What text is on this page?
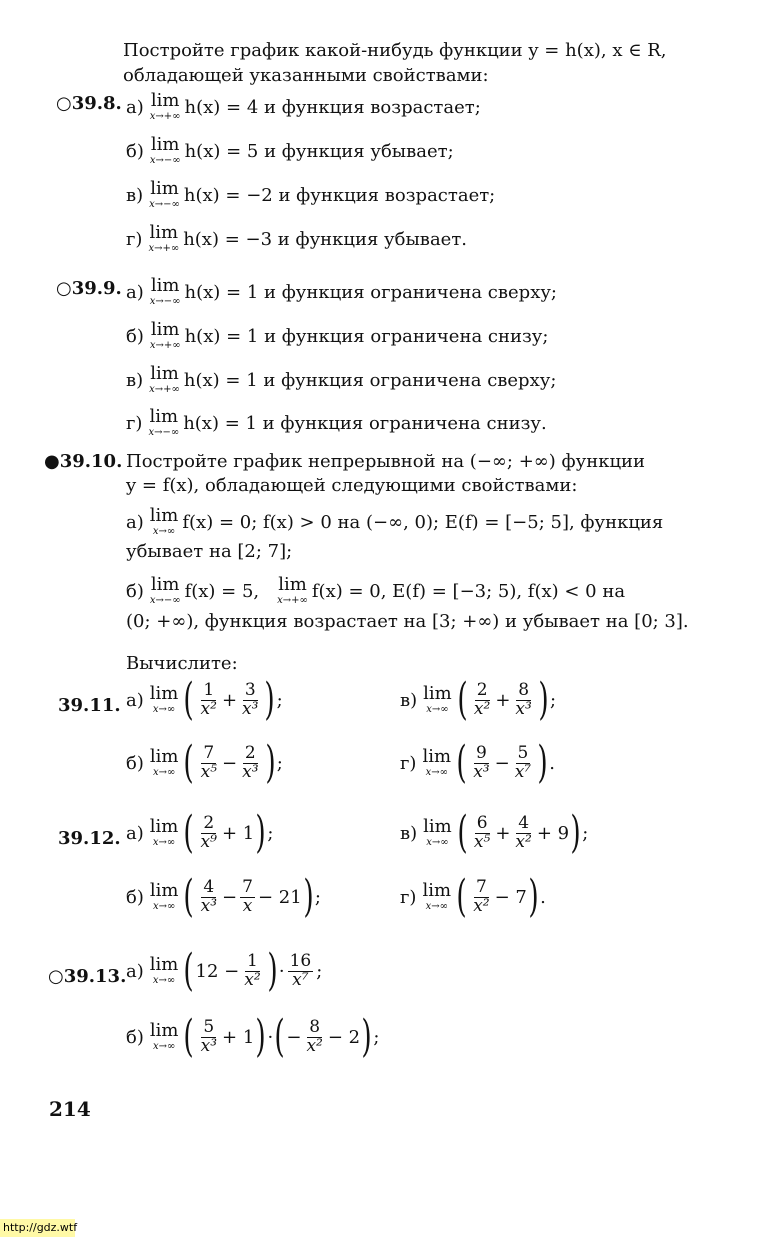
Постройте график какой-нибудь функции y = h(x), x ∈ R,
обладающей указанными свойствами:
○39.8. а) lim
x→+∞ h(x) = 4 и функция возрастает;
б) lim
x→−∞ h(x) = 5 и функция убывает;
в) lim
x→−∞ h(x) = −2 и функция возрастает;
г) lim
x→+∞ h(x) = −3 и функция убывает.
○39.9. а) lim
x→−∞ h(x) = 1 и функция ограничена сверху;
б) lim
x→+∞ h(x) = 1 и функция ограничена снизу;
в) lim
x→+∞ h(x) = 1 и функция ограничена сверху;
г) lim
x→−∞ h(x) = 1 и функция ограничена снизу.
●39.10. Постройте график непрерывной на (−∞; +∞) функции
y = f(x), обладающей следующими свойствами:
а) lim
x→∞ f(x) = 0; f(x) > 0 на (−∞, 0); E(f) = [−5; 5], функция
убывает на [2; 7];
б) lim
x→−∞ f(x) = 5, lim
x→+∞ f(x) = 0, E(f) = [−3; 5), f(x) < 0 на
(0; +∞), функция возрастает на [3; +∞) и убывает на [0; 3].
Вычислите:
39.11. а) lim
x→∞ ( $\frac{1}{\text{x²}} + \frac{3}{\text{x³}}$ ) ;	в) lim
x→∞ ( $\frac{2}{\text{x²}} + \frac{8}{\text{x³}}$ ) ;
б) lim
x→∞ ( $\frac{7}{\text{x⁵}} - \frac{2}{\text{x³}}$ ) ;	г) lim
x→∞ ( $\frac{9}{\text{x³}} - \frac{5}{\text{x⁷}}$ ) .
39.12. а) lim
x→∞ ( $\frac{2}{\text{x⁹}} + 1$ ) ;	в) lim
x→∞ ( $\frac{6}{\text{x⁵}} + \frac{4}{\text{x²}} + 9$ ) ;
б) lim
x→∞ ( $\frac{4}{\text{x³}} - \frac{7}{x} - 21$ ) ;	г) lim
x→∞ ( $\frac{7}{\text{x²}} - 7$ ) .
○39.13. а) lim
x→∞ ( $12 - \frac{1}{\text{x²}}$ ) · $\frac{16}{\text{x⁷}}$ ;
б) lim
x→∞ ( $\frac{5}{\text{x³}} + 1$ ) · ( − $\frac{8}{\text{x²}} - 2$ ) ;
214
http://gdz.wtf
